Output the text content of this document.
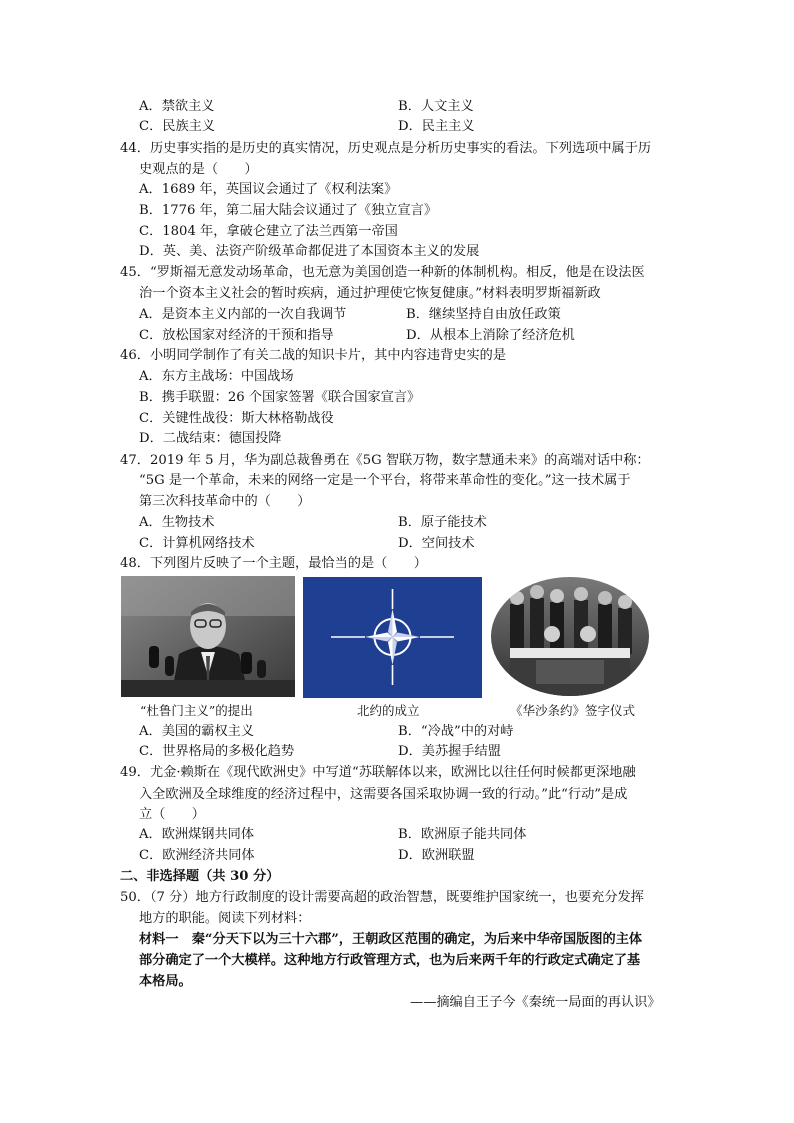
A．禁欲主义	B．人文主义
C．民族主义	D．民主主义
44．历史事实指的是历史的真实情况，历史观点是分析历史事实的看法。下列选项中属于历
史观点的是（　　）
A．1689 年，英国议会通过了《权利法案》
B．1776 年，第二届大陆会议通过了《独立宣言》
C．1804 年，拿破仑建立了法兰西第一帝国
D．英、美、法资产阶级革命都促进了本国资本主义的发展
45．“罗斯福无意发动场革命，也无意为美国创造一种新的体制机构。相反，他是在设法医
治一个资本主义社会的暂时疾病，通过护理使它恢复健康。”材料表明罗斯福新政
A．是资本主义内部的一次自我调节	B．继续坚持自由放任政策
C．放松国家对经济的干预和指导	D．从根本上消除了经济危机
46．小明同学制作了有关二战的知识卡片，其中内容违背史实的是
A．东方主战场：中国战场
B．携手联盟：26 个国家签署《联合国家宣言》
C．关键性战役：斯大林格勒战役
D．二战结束：德国投降
47．2019 年 5 月，华为副总裁鲁勇在《5G 智联万物，数字慧通未来》的高端对话中称：
“5G 是一个革命，未来的网络一定是一个平台，将带来革命性的变化。”这一技术属于
第三次科技革命中的（　　）
A．生物技术	B．原子能技术
C．计算机网络技术	D．空间技术
48．下列图片反映了一个主题，最恰当的是（　　）
“杜鲁门主义”的提出	北约的成立	《华沙条约》签字仪式
A．美国的霸权主义	B．“冷战”中的对峙
C．世界格局的多极化趋势	D．美苏握手结盟
49．尤金·赖斯在《现代欧洲史》中写道“苏联解体以来，欧洲比以往任何时候都更深地融
入全欧洲及全球维度的经济过程中，这需要各国采取协调一致的行动。”此“行动”是成
立（　　）
A．欧洲煤钢共同体	B．欧洲原子能共同体
C．欧洲经济共同体	D．欧洲联盟
二、非选择题（共 30 分）
50．（7 分）地方行政制度的设计需要高超的政治智慧，既要维护国家统一，也要充分发挥
地方的职能。阅读下列材料：
材料一　秦“分天下以为三十六郡”，王朝政区范围的确定，为后来中华帝国版图的主体
部分确定了一个大模样。这种地方行政管理方式，也为后来两千年的行政定式确定了基
本格局。
——摘编自王子今《秦统一局面的再认识》
